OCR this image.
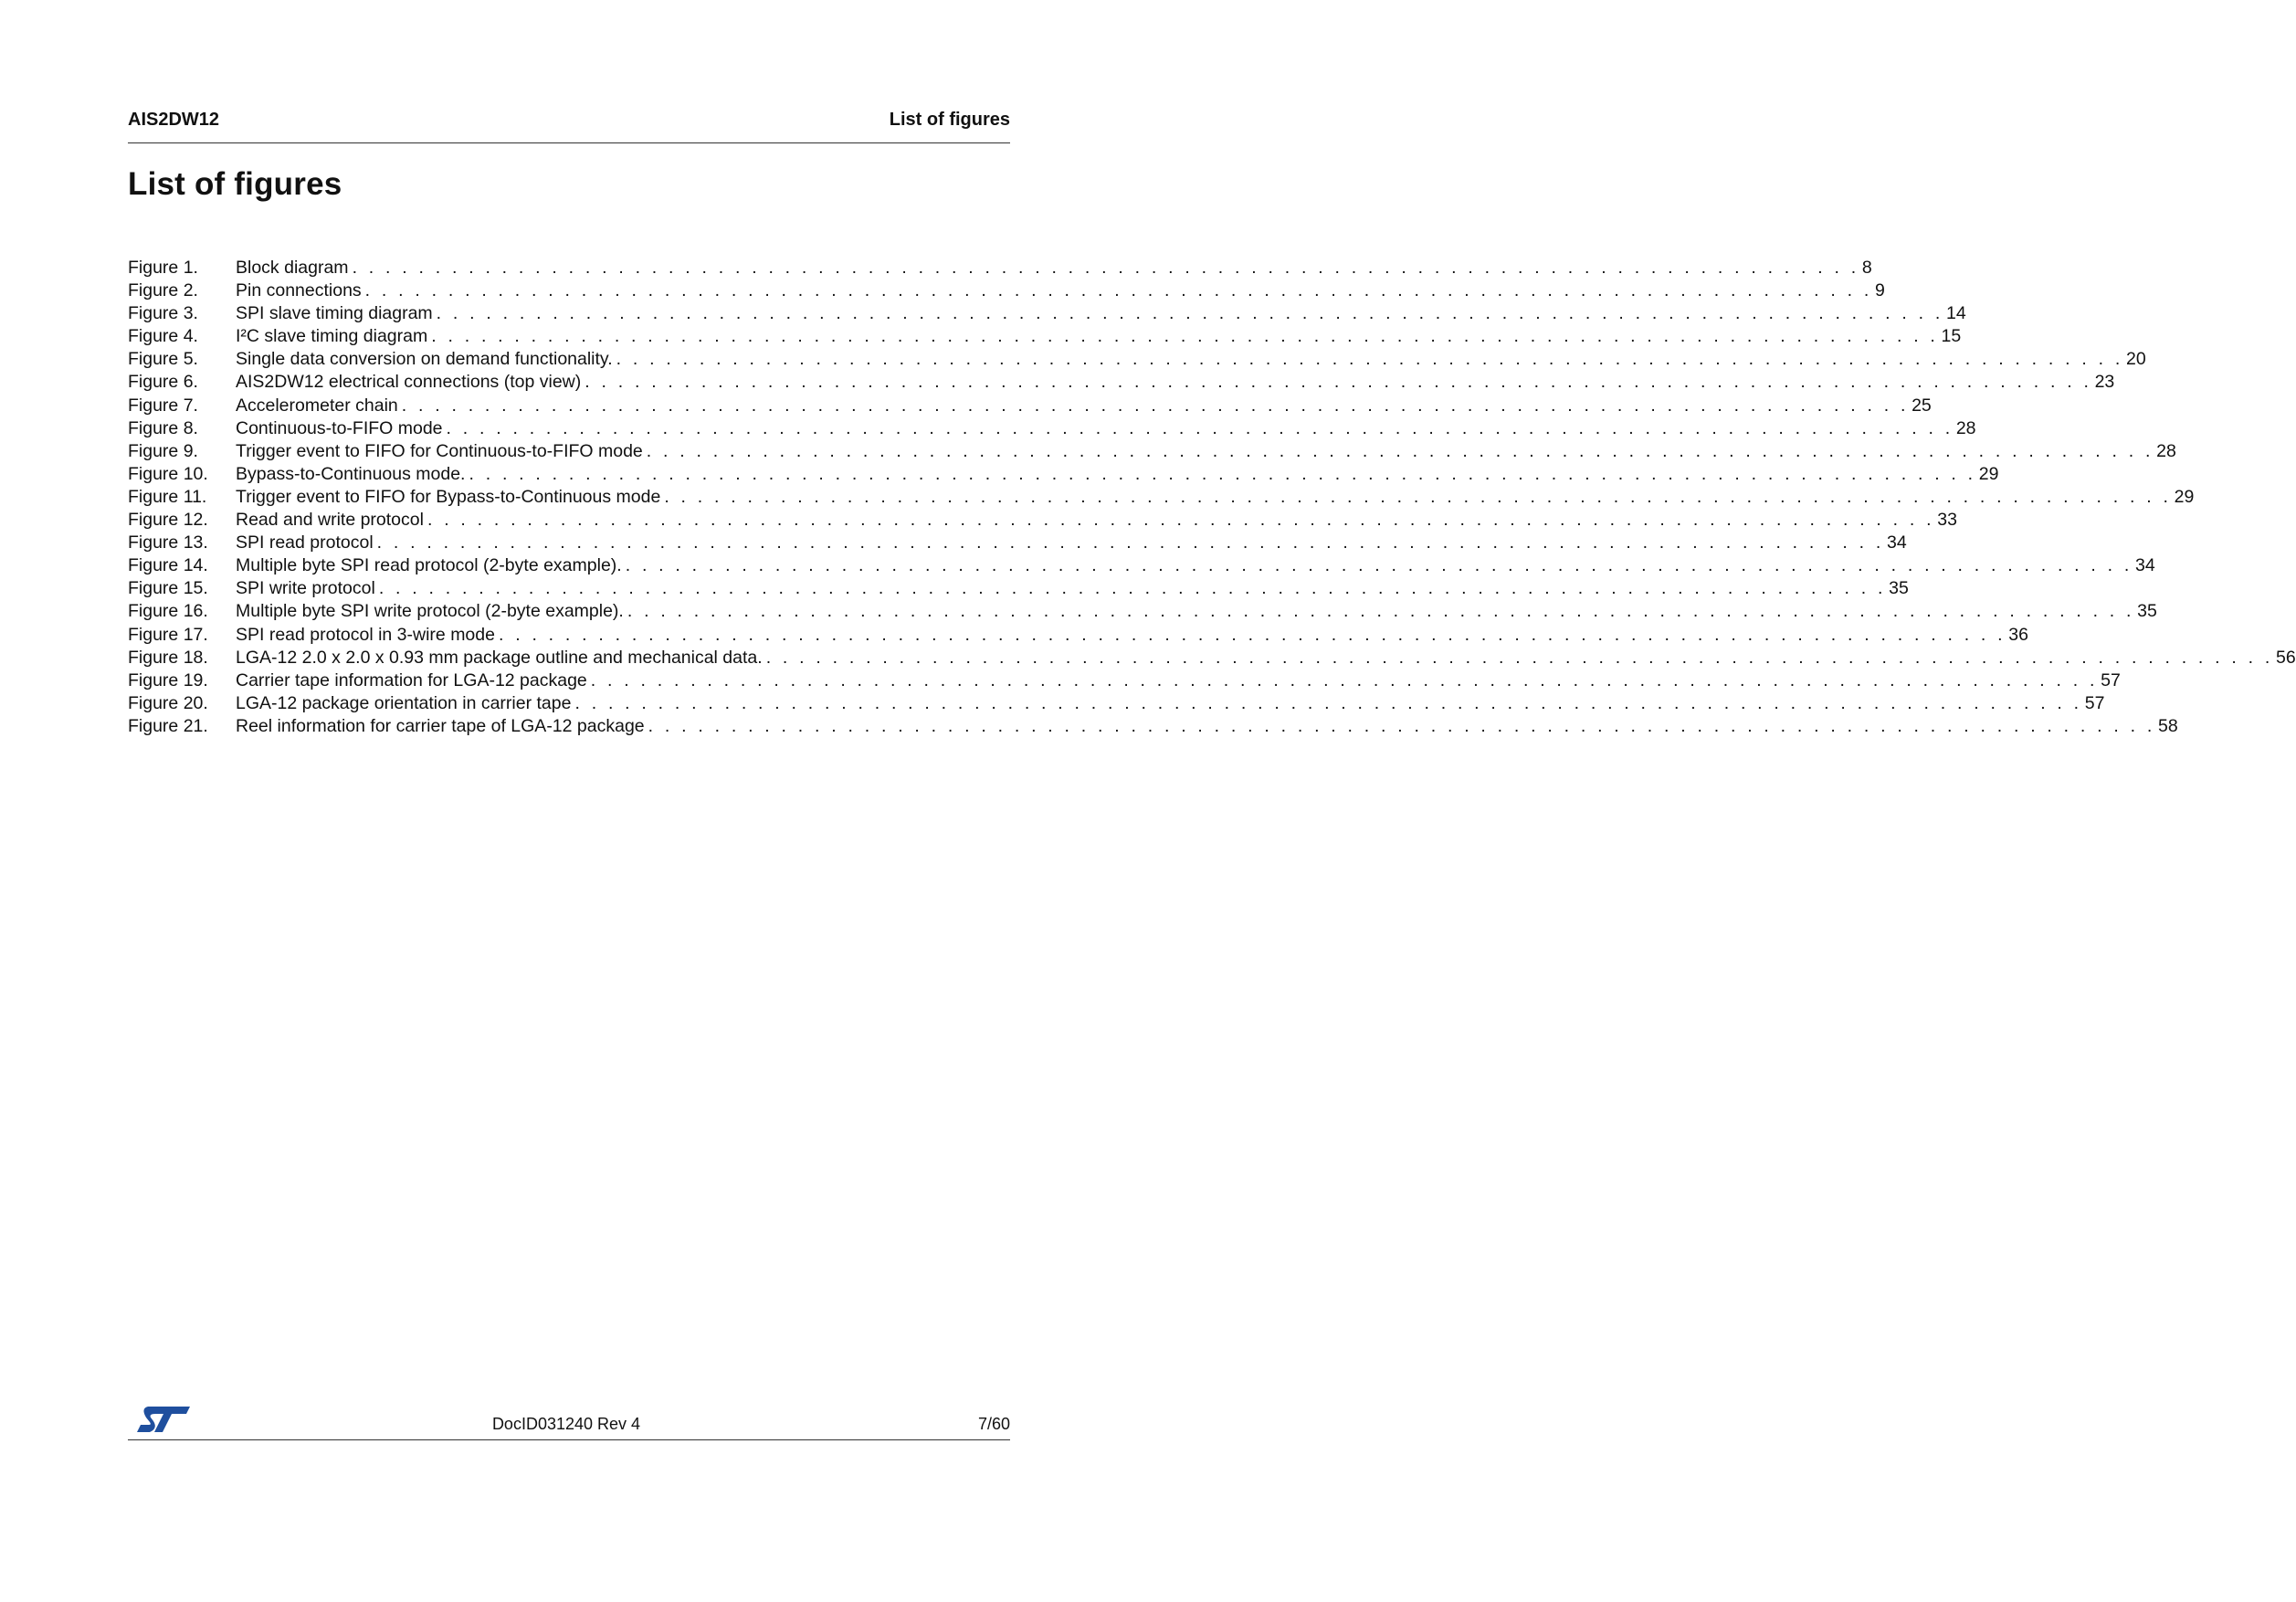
AIS2DW12	List of figures
List of figures
Figure 1.	Block diagram . . . . . . . . . . . . . . . . . . . . . . . . . . . . . . . . . . . . . . . . . . . . . . . . . . . . . . . . . . . . . . . . . . . . . . . . . . . . . . . . . . . . . . . . . . . 8
Figure 2.	Pin connections . . . . . . . . . . . . . . . . . . . . . . . . . . . . . . . . . . . . . . . . . . . . . . . . . . . . . . . . . . . . . . . . . . . . . . . . . . . . . . . . . . . . . . . . . . . 9
Figure 3.	SPI slave timing diagram . . . . . . . . . . . . . . . . . . . . . . . . . . . . . . . . . . . . . . . . . . . . . . . . . . . . . . . . . . . . . . . . . . . . . . . . . . . . . . . . . . . . . . . . . . . 14
Figure 4.	I²C slave timing diagram . . . . . . . . . . . . . . . . . . . . . . . . . . . . . . . . . . . . . . . . . . . . . . . . . . . . . . . . . . . . . . . . . . . . . . . . . . . . . . . . . . . . . . . . . . . 15
Figure 5.	Single data conversion on demand functionality. . . . . . . . . . . . . . . . . . . . . . . . . . . . . . . . . . . . . . . . . . . . . . . . . . . . . . . . . . . . . . . . . . . . . . . . . . . . . . . . . . . . . . . . . . . . 20
Figure 6.	AIS2DW12 electrical connections (top view) . . . . . . . . . . . . . . . . . . . . . . . . . . . . . . . . . . . . . . . . . . . . . . . . . . . . . . . . . . . . . . . . . . . . . . . . . . . . . . . . . . . . . . . . . . . 23
Figure 7.	Accelerometer chain . . . . . . . . . . . . . . . . . . . . . . . . . . . . . . . . . . . . . . . . . . . . . . . . . . . . . . . . . . . . . . . . . . . . . . . . . . . . . . . . . . . . . . . . . . . 25
Figure 8.	Continuous-to-FIFO mode . . . . . . . . . . . . . . . . . . . . . . . . . . . . . . . . . . . . . . . . . . . . . . . . . . . . . . . . . . . . . . . . . . . . . . . . . . . . . . . . . . . . . . . . . . . 28
Figure 9.	Trigger event to FIFO for Continuous-to-FIFO mode . . . . . . . . . . . . . . . . . . . . . . . . . . . . . . . . . . . . . . . . . . . . . . . . . . . . . . . . . . . . . . . . . . . . . . . . . . . . . . . . . . . . . . . . . . . 28
Figure 10.	Bypass-to-Continuous mode. . . . . . . . . . . . . . . . . . . . . . . . . . . . . . . . . . . . . . . . . . . . . . . . . . . . . . . . . . . . . . . . . . . . . . . . . . . . . . . . . . . . . . . . . . . . 29
Figure 11.	Trigger event to FIFO for Bypass-to-Continuous mode . . . . . . . . . . . . . . . . . . . . . . . . . . . . . . . . . . . . . . . . . . . . . . . . . . . . . . . . . . . . . . . . . . . . . . . . . . . . . . . . . . . . . . . . . . . 29
Figure 12.	Read and write protocol . . . . . . . . . . . . . . . . . . . . . . . . . . . . . . . . . . . . . . . . . . . . . . . . . . . . . . . . . . . . . . . . . . . . . . . . . . . . . . . . . . . . . . . . . . . 33
Figure 13.	SPI read protocol . . . . . . . . . . . . . . . . . . . . . . . . . . . . . . . . . . . . . . . . . . . . . . . . . . . . . . . . . . . . . . . . . . . . . . . . . . . . . . . . . . . . . . . . . . . 34
Figure 14.	Multiple byte SPI read protocol (2-byte example). . . . . . . . . . . . . . . . . . . . . . . . . . . . . . . . . . . . . . . . . . . . . . . . . . . . . . . . . . . . . . . . . . . . . . . . . . . . . . . . . . . . . . . . . . . . 34
Figure 15.	SPI write protocol . . . . . . . . . . . . . . . . . . . . . . . . . . . . . . . . . . . . . . . . . . . . . . . . . . . . . . . . . . . . . . . . . . . . . . . . . . . . . . . . . . . . . . . . . . . 35
Figure 16.	Multiple byte SPI write protocol (2-byte example). . . . . . . . . . . . . . . . . . . . . . . . . . . . . . . . . . . . . . . . . . . . . . . . . . . . . . . . . . . . . . . . . . . . . . . . . . . . . . . . . . . . . . . . . . . . 35
Figure 17.	SPI read protocol in 3-wire mode . . . . . . . . . . . . . . . . . . . . . . . . . . . . . . . . . . . . . . . . . . . . . . . . . . . . . . . . . . . . . . . . . . . . . . . . . . . . . . . . . . . . . . . . . . . 36
Figure 18.	LGA-12 2.0 x 2.0 x 0.93 mm package outline and mechanical data. . . . . . . . . . . . . . . . . . . . . . . . . . . . . . . . . . . . . . . . . . . . . . . . . . . . . . . . . . . . . . . . . . . . . . . . . . . . . . . . . . . . . . . . . . . . 56
Figure 19.	Carrier tape information for LGA-12 package . . . . . . . . . . . . . . . . . . . . . . . . . . . . . . . . . . . . . . . . . . . . . . . . . . . . . . . . . . . . . . . . . . . . . . . . . . . . . . . . . . . . . . . . . . . 57
Figure 20.	LGA-12 package orientation in carrier tape . . . . . . . . . . . . . . . . . . . . . . . . . . . . . . . . . . . . . . . . . . . . . . . . . . . . . . . . . . . . . . . . . . . . . . . . . . . . . . . . . . . . . . . . . . . 57
Figure 21.	Reel information for carrier tape of LGA-12 package . . . . . . . . . . . . . . . . . . . . . . . . . . . . . . . . . . . . . . . . . . . . . . . . . . . . . . . . . . . . . . . . . . . . . . . . . . . . . . . . . . . . . . . . . . . 58
DocID031240 Rev 4	7/60
